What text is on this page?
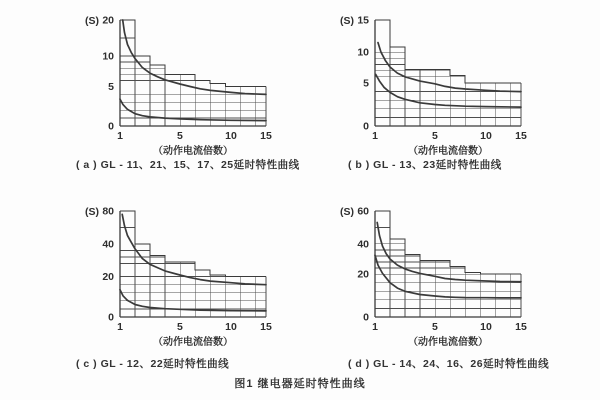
0
5
10
20
1	5	10 15
(S)
（动作电流倍数）
0
5
10
15
1	5	10 15
(S)
（动作电流倍数）
( a ) GL - 11、21、15、17、25延时特性曲线	( b ) GL - 13、23延时特性曲线
0
20
40
80
1	5	10 15
(S)
（动作电流倍数）
0
20
40
60
1	5	10 15
(S)
（动作电流倍数）
( c ) GL - 12、22延时特性曲线	( d ) GL - 14、24、16、26延时特性曲线
图1 继电器延时特性曲线
